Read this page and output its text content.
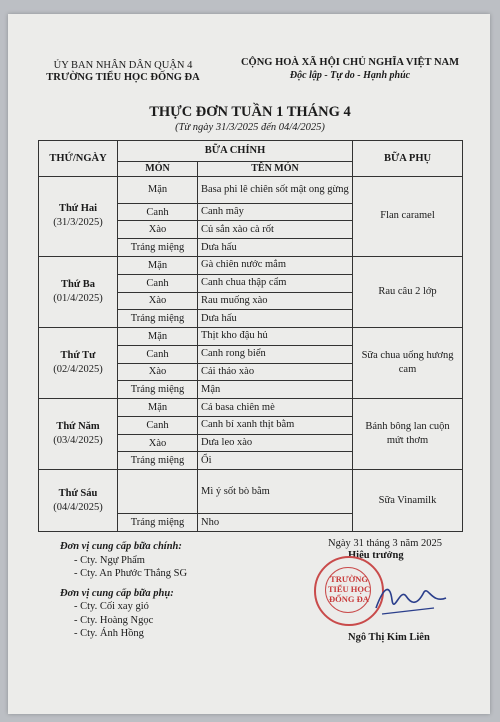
ỦY BAN NHÂN DÂN QUẬN 4
TRƯỜNG TIỂU HỌC ĐỐNG ĐA
CỘNG HOÀ XÃ HỘI CHỦ NGHĨA VIỆT NAM
Độc lập - Tự do - Hạnh phúc
THỰC ĐƠN TUẦN 1 THÁNG 4
(Từ ngày 31/3/2025 đến 04/4/2025)
THỨ/NGÀY	BỮA CHÍNH		BỮA PHỤ
	MÓN	TÊN MÓN	

Thứ Hai
(31/3/2025)	Mặn	Basa phi lê chiên sốt mật ong gừng	Flan caramel
	Canh	Canh mây	
	Xào	Củ sắn xào cà rốt	
	Tráng miệng	Dưa hấu	

Thứ Ba
(01/4/2025)	Mặn	Gà chiên nước mắm	Rau câu 2 lớp
	Canh	Canh chua thập cẩm	
	Xào	Rau muống xào	
	Tráng miệng	Dưa hấu	

Thứ Tư
(02/4/2025)	Mặn	Thịt kho đậu hủ	Sữa chua uống hương cam
	Canh	Canh rong biển	
	Xào	Cải thảo xào	
	Tráng miệng	Mận	

Thứ Năm
(03/4/2025)	Mặn	Cá basa chiên mè	Bánh bông lan cuộn mứt thơm
	Canh	Canh bí xanh thịt bằm	
	Xào	Dưa leo xào	
	Tráng miệng	Ổi	

Thứ Sáu
(04/4/2025)		Mì ý sốt bò bằm	Sữa Vinamilk
	Tráng miệng	Nho	
Đơn vị cung cấp bữa chính:
- Cty. Ngự Phẩm
- Cty. An Phước Thắng SG
Đơn vị cung cấp bữa phụ:
- Cty. Cối xay gió
- Cty. Hoàng Ngọc
- Cty. Ánh Hồng
Ngày 31 tháng 3 năm 2025
Hiệu trưởng
TRƯỜNG
TIỂU HỌC
ĐỐNG ĐA
Ngô Thị Kim Liên
